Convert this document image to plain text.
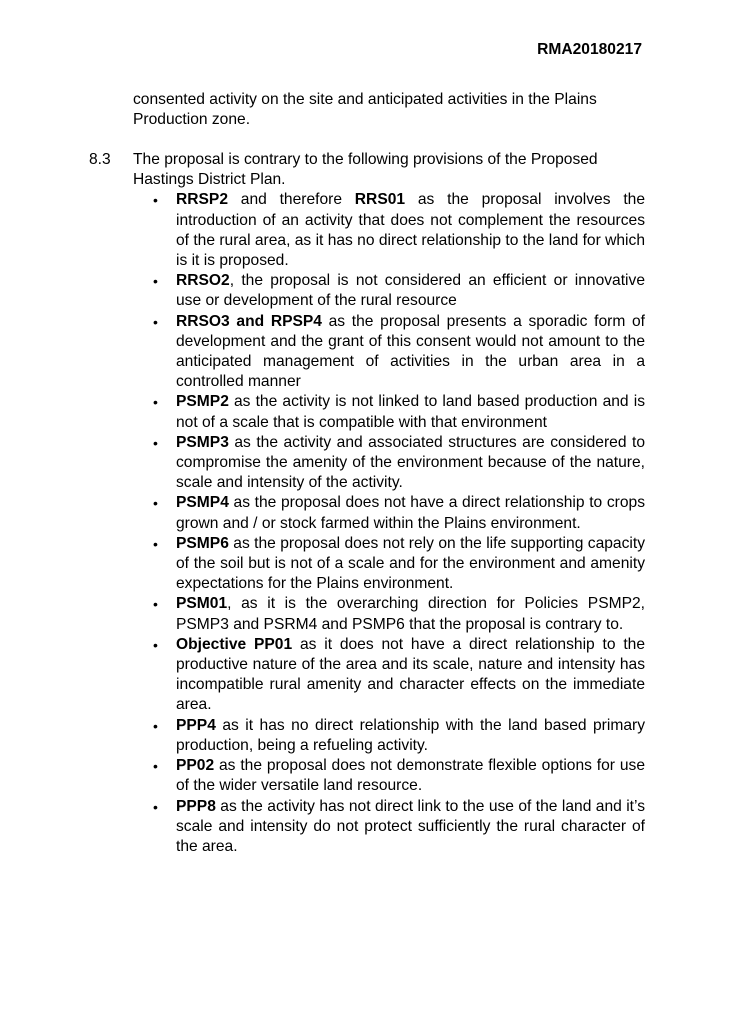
RMA20180217

consented activity on the site and anticipated activities in the Plains Production zone.

8.3 The proposal is contrary to the following provisions of the Proposed Hastings District Plan.

• RRSP2 and therefore RRS01 as the proposal involves the introduction of an activity that does not complement the resources of the rural area, as it has no direct relationship to the land for which is it is proposed.
• RRSO2, the proposal is not considered an efficient or innovative use or development of the rural resource
• RRSO3 and RPSP4 as the proposal presents a sporadic form of development and the grant of this consent would not amount to the anticipated management of activities in the urban area in a controlled manner
• PSMP2 as the activity is not linked to land based production and is not of a scale that is compatible with that environment
• PSMP3 as the activity and associated structures are considered to compromise the amenity of the environment because of the nature, scale and intensity of the activity.
• PSMP4 as the proposal does not have a direct relationship to crops grown and / or stock farmed within the Plains environment.
• PSMP6 as the proposal does not rely on the life supporting capacity of the soil but is not of a scale and for the environment and amenity expectations for the Plains environment.
• PSM01, as it is the overarching direction for Policies PSMP2, PSMP3 and PSRM4 and PSMP6 that the proposal is contrary to.
• Objective PP01 as it does not have a direct relationship to the productive nature of the area and its scale, nature and intensity has incompatible rural amenity and character effects on the immediate area.
• PPP4 as it has no direct relationship with the land based primary production, being a refueling activity.
• PP02 as the proposal does not demonstrate flexible options for use of the wider versatile land resource.
• PPP8 as the activity has not direct link to the use of the land and it’s scale and intensity do not protect sufficiently the rural character of the area.
